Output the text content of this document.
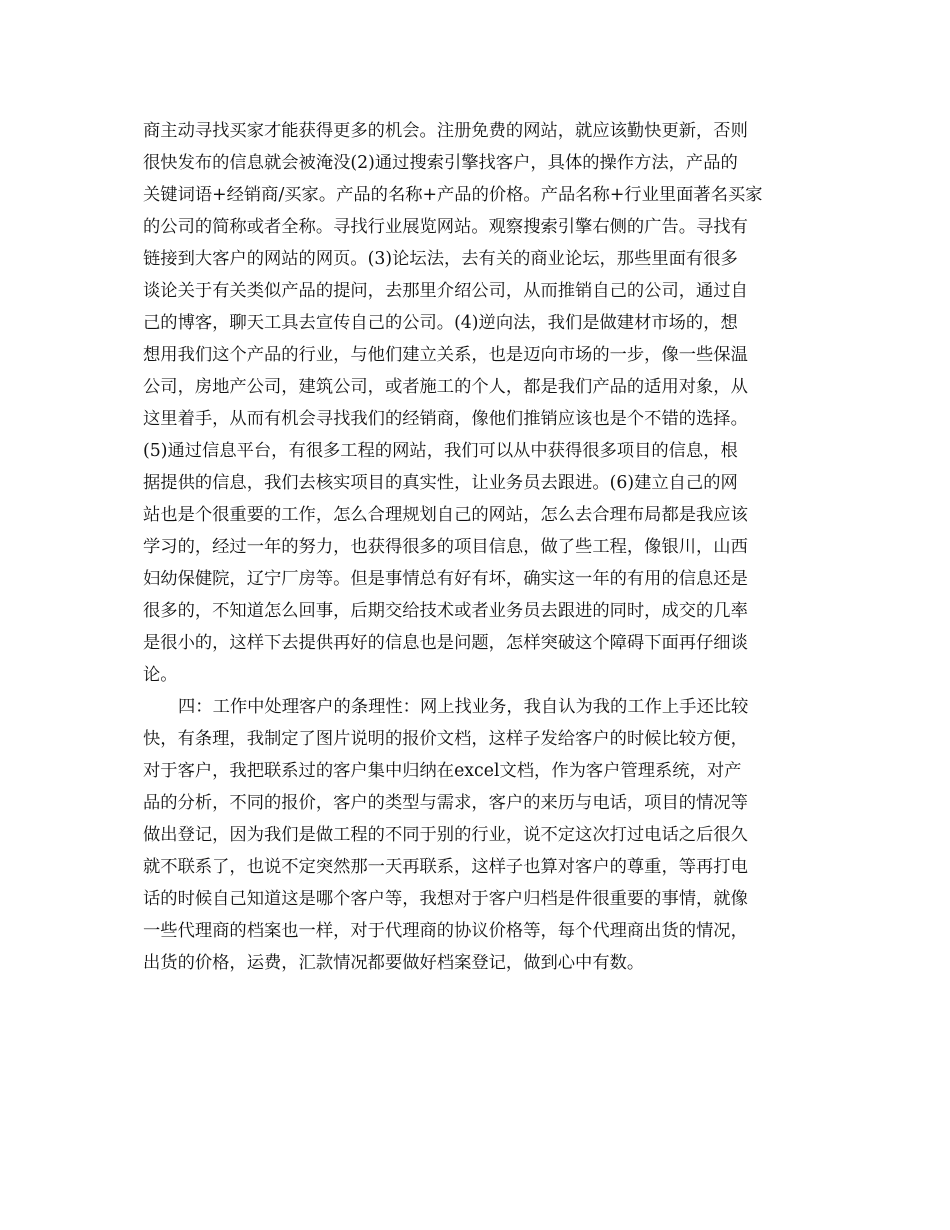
商主动寻找买家才能获得更多的机会。注册免费的网站，就应该勤快更新，否则
很快发布的信息就会被淹没(2)通过搜索引擎找客户，具体的操作方法，产品的
关键词语+经销商/买家。产品的名称+产品的价格。产品名称+行业里面著名买家
的公司的简称或者全称。寻找行业展览网站。观察搜索引擎右侧的广告。寻找有
链接到大客户的网站的网页。(3)论坛法，去有关的商业论坛，那些里面有很多
谈论关于有关类似产品的提问，去那里介绍公司，从而推销自己的公司，通过自
己的博客，聊天工具去宣传自己的公司。(4)逆向法，我们是做建材市场的，想
想用我们这个产品的行业，与他们建立关系，也是迈向市场的一步，像一些保温
公司，房地产公司，建筑公司，或者施工的个人，都是我们产品的适用对象，从
这里着手，从而有机会寻找我们的经销商，像他们推销应该也是个不错的选择。
(5)通过信息平台，有很多工程的网站，我们可以从中获得很多项目的信息，根
据提供的信息，我们去核实项目的真实性，让业务员去跟进。(6)建立自己的网
站也是个很重要的工作，怎么合理规划自己的网站，怎么去合理布局都是我应该
学习的，经过一年的努力，也获得很多的项目信息，做了些工程，像银川，山西
妇幼保健院，辽宁厂房等。但是事情总有好有坏，确实这一年的有用的信息还是
很多的，不知道怎么回事，后期交给技术或者业务员去跟进的同时，成交的几率
是很小的，这样下去提供再好的信息也是问题，怎样突破这个障碍下面再仔细谈
论。
四：工作中处理客户的条理性：网上找业务，我自认为我的工作上手还比较
快，有条理，我制定了图片说明的报价文档，这样子发给客户的时候比较方便，
对于客户，我把联系过的客户集中归纳在excel文档，作为客户管理系统，对产
品的分析，不同的报价，客户的类型与需求，客户的来历与电话，项目的情况等
做出登记，因为我们是做工程的不同于别的行业，说不定这次打过电话之后很久
就不联系了，也说不定突然那一天再联系，这样子也算对客户的尊重，等再打电
话的时候自己知道这是哪个客户等，我想对于客户归档是件很重要的事情，就像
一些代理商的档案也一样，对于代理商的协议价格等，每个代理商出货的情况，
出货的价格，运费，汇款情况都要做好档案登记，做到心中有数。
